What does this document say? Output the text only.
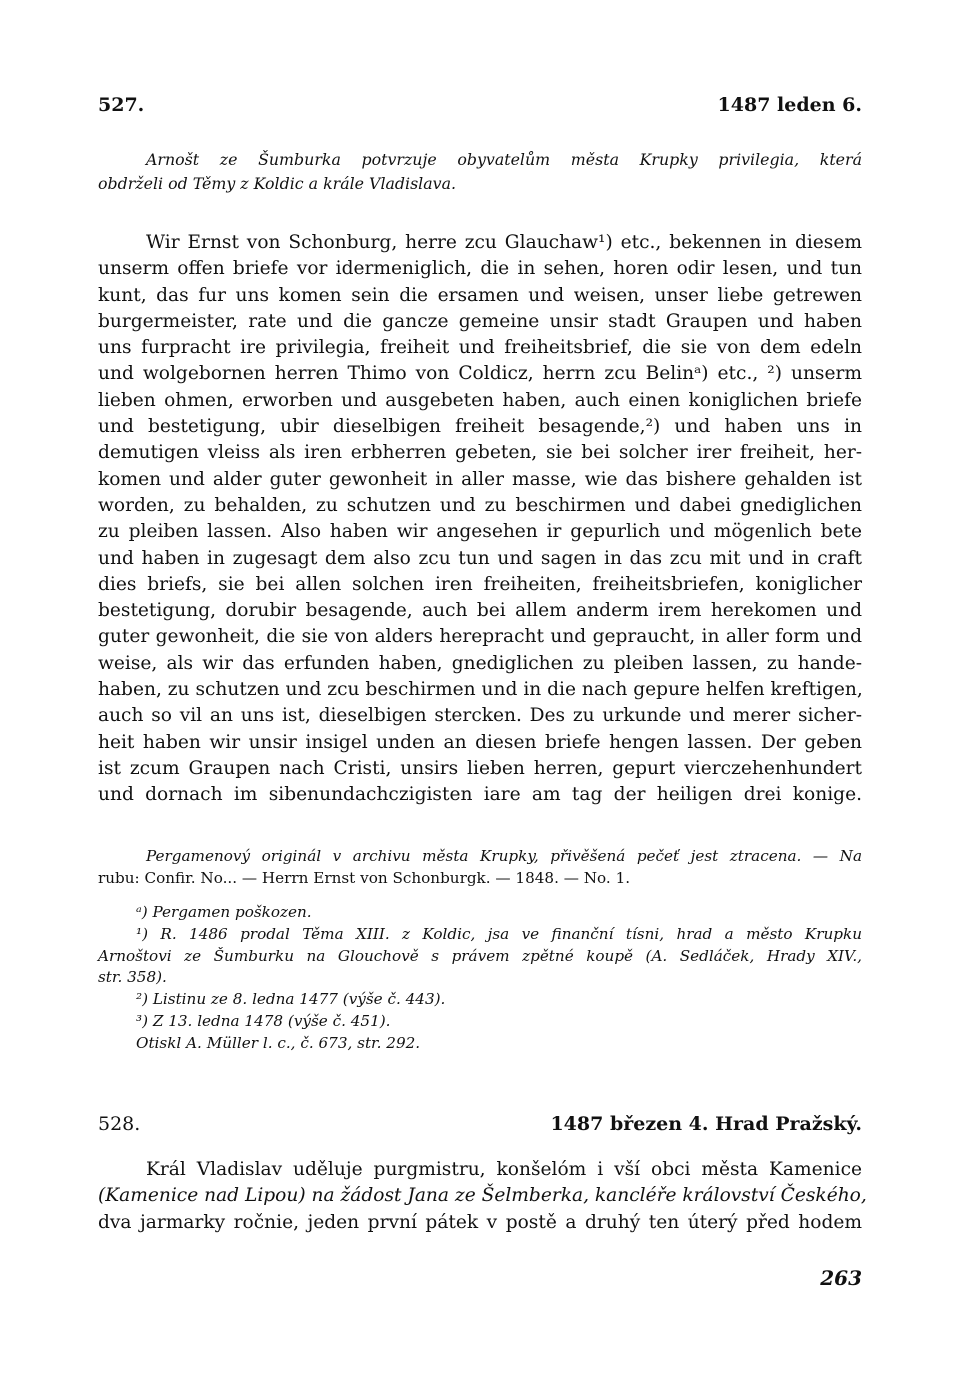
527.	1487 leden 6.
Arnošt ze Šumburka potvrzuje obyvatelům města Krupky privilegia, která
obdrželi od Těmy z Koldic a krále Vladislava.
Wir Ernst von Schonburg, herre zcu Glauchaw¹) etc., bekennen in diesem
unserm offen briefe vor idermeniglich, die in sehen, horen odir lesen, und tun
kunt, das fur uns komen sein die ersamen und weisen, unser liebe getrewen
burgermeister, rate und die gancze gemeine unsir stadt Graupen und haben
uns furpracht ire privilegia, freiheit und freiheitsbrief, die sie von dem edeln
und wolgebornen herren Thimo von Coldicz, herrn zcu Belinᵃ) etc., ²) unserm
lieben ohmen, erworben und ausgebeten haben, auch einen koniglichen briefe
und bestetigung, ubir dieselbigen freiheit besagende,²) und haben uns in
demutigen vleiss als iren erbherren gebeten, sie bei solcher irer freiheit, her-
komen und alder guter gewonheit in aller masse, wie das bishere gehalden ist
worden, zu behalden, zu schutzen und zu beschirmen und dabei gnediglichen
zu pleiben lassen. Also haben wir angesehen ir gepurlich und mögenlich bete
und haben in zugesagt dem also zcu tun und sagen in das zcu mit und in craft
dies briefs, sie bei allen solchen iren freiheiten, freiheitsbriefen, koniglicher
bestetigung, dorubir besagende, auch bei allem anderm irem herekomen und
guter gewonheit, die sie von alders herepracht und gepraucht, in aller form und
weise, als wir das erfunden haben, gnediglichen zu pleiben lassen, zu hande-
haben, zu schutzen und zcu beschirmen und in die nach gepure helfen kreftigen,
auch so vil an uns ist, dieselbigen stercken. Des zu urkunde und merer sicher-
heit haben wir unsir insigel unden an diesen briefe hengen lassen. Der geben
ist zcum Graupen nach Cristi, unsirs lieben herren, gepurt vierczehenhundert
und dornach im sibenundachczigisten iare am tag der heiligen drei konige.
Pergamenový originál v archivu města Krupky, přivěšená pečeť jest ztracena. — Na
rubu: Confir. No... — Herrn Ernst von Schonburgk. — 1848. — No. 1.
ᵃ) Pergamen poškozen.
¹) R. 1486 prodal Těma XIII. z Koldic, jsa ve finanční tísni, hrad a město Krupku
Arnoštovi ze Šumburku na Glouchově s právem zpětné koupě (A. Sedláček, Hrady XIV.,
str. 358).
²) Listinu ze 8. ledna 1477 (výše č. 443).
³) Z 13. ledna 1478 (výše č. 451).
Otiskl A. Müller l. c., č. 673, str. 292.
528.	1487 březen 4. Hrad Pražský.
Král Vladislav uděluje purgmistru, konšelóm i vší obci města Kamenice
(Kamenice nad Lipou) na žádost Jana ze Šelmberka, kancléře království Českého,
dva jarmarky ročnie, jeden první pátek v postě a druhý ten úterý před hodem
263
